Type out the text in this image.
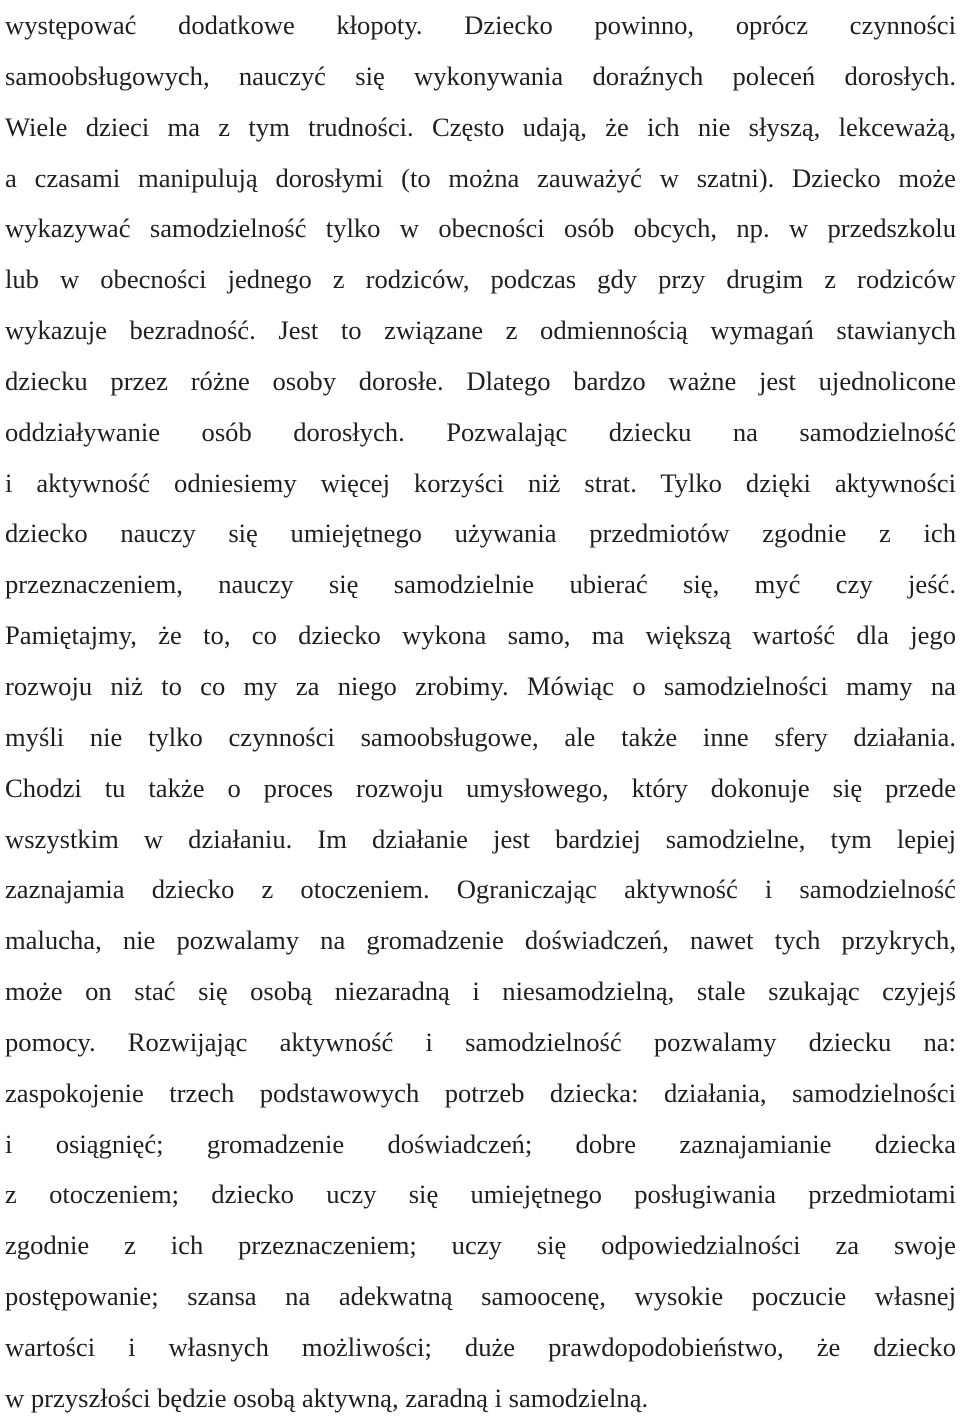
występować dodatkowe kłopoty. Dziecko powinno, oprócz czynności
samoobsługowych, nauczyć się wykonywania doraźnych poleceń dorosłych.
Wiele dzieci ma z tym trudności. Często udają, że ich nie słyszą, lekceważą,
a czasami manipulują dorosłymi (to można zauważyć w szatni). Dziecko może
wykazywać samodzielność tylko w obecności osób obcych, np. w przedszkolu
lub w obecności jednego z rodziców, podczas gdy przy drugim z rodziców
wykazuje bezradność. Jest to związane z odmiennością wymagań stawianych
dziecku przez różne osoby dorosłe. Dlatego bardzo ważne jest ujednolicone
oddziaływanie osób dorosłych. Pozwalając dziecku na samodzielność
i aktywność odniesiemy więcej korzyści niż strat. Tylko dzięki aktywności
dziecko nauczy się umiejętnego używania przedmiotów zgodnie z ich
przeznaczeniem, nauczy się samodzielnie ubierać się, myć czy jeść.
Pamiętajmy, że to, co dziecko wykona samo, ma większą wartość dla jego
rozwoju niż to co my za niego zrobimy. Mówiąc o samodzielności mamy na
myśli nie tylko czynności samoobsługowe, ale także inne sfery działania.
Chodzi tu także o proces rozwoju umysłowego, który dokonuje się przede
wszystkim w działaniu. Im działanie jest bardziej samodzielne, tym lepiej
zaznajamia dziecko z otoczeniem. Ograniczając aktywność i samodzielność
malucha, nie pozwalamy na gromadzenie doświadczeń, nawet tych przykrych,
może on stać się osobą niezaradną i niesamodzielną, stale szukając czyjejś
pomocy. Rozwijając aktywność i samodzielność pozwalamy dziecku na:
zaspokojenie trzech podstawowych potrzeb dziecka: działania, samodzielności
i osiągnięć; gromadzenie doświadczeń; dobre zaznajamianie dziecka
z otoczeniem; dziecko uczy się umiejętnego posługiwania przedmiotami
zgodnie z ich przeznaczeniem; uczy się odpowiedzialności za swoje
postępowanie; szansa na adekwatną samoocenę, wysokie poczucie własnej
wartości i własnych możliwości; duże prawdopodobieństwo, że dziecko
w przyszłości będzie osobą aktywną, zaradną i samodzielną.
